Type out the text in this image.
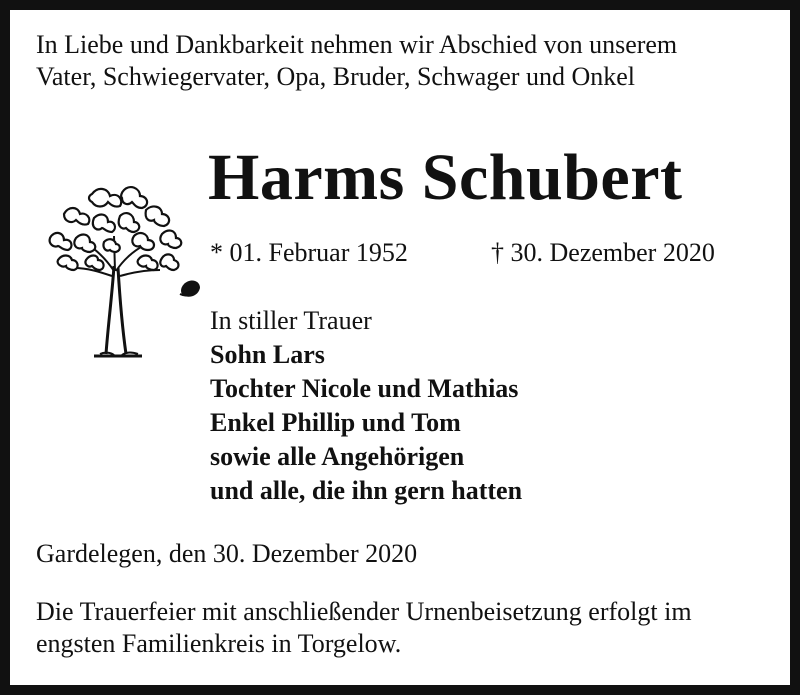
In Liebe und Dankbarkeit nehmen wir Abschied von unserem
Vater, Schwiegervater, Opa, Bruder, Schwager und Onkel
Harms Schubert
* 01. Februar 1952	† 30. Dezember 2020
In stiller Trauer
Sohn Lars
Tochter Nicole und Mathias
Enkel Phillip und Tom
sowie alle Angehörigen
und alle, die ihn gern hatten
Gardelegen, den 30. Dezember 2020
Die Trauerfeier mit anschließender Urnenbeisetzung erfolgt im
engsten Familienkreis in Torgelow.
